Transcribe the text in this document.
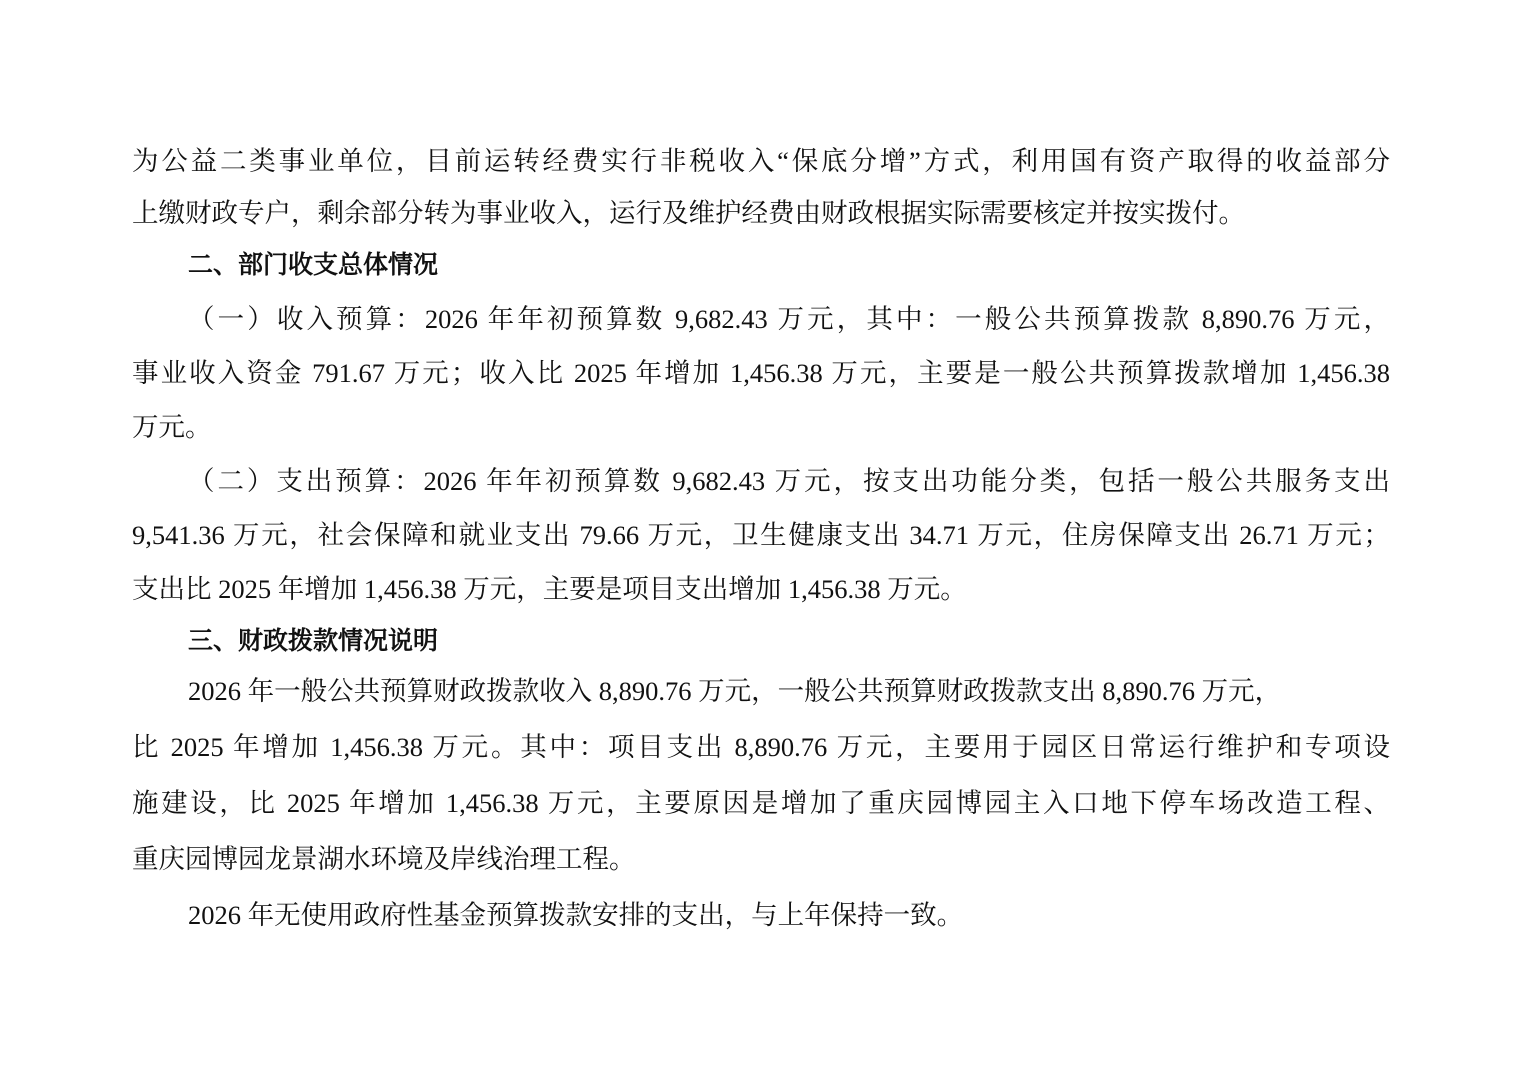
为公益二类事业单位，目前运转经费实行非税收入“保底分增”方式，利用国有资产取得的收益部分
上缴财政专户，剩余部分转为事业收入，运行及维护经费由财政根据实际需要核定并按实拨付。
二、部门收支总体情况
（一）收入预算：2026 年年初预算数 9,682.43 万元，其中：一般公共预算拨款 8,890.76 万元，
事业收入资金 791.67 万元；收入比 2025 年增加 1,456.38 万元，主要是一般公共预算拨款增加 1,456.38
万元。
（二）支出预算：2026 年年初预算数 9,682.43 万元，按支出功能分类，包括一般公共服务支出
9,541.36 万元，社会保障和就业支出 79.66 万元，卫生健康支出 34.71 万元，住房保障支出 26.71 万元；
支出比 2025 年增加 1,456.38 万元，主要是项目支出增加 1,456.38 万元。
三、财政拨款情况说明
2026 年一般公共预算财政拨款收入 8,890.76 万元，一般公共预算财政拨款支出 8,890.76 万元，
比 2025 年增加 1,456.38 万元。其中：项目支出 8,890.76 万元，主要用于园区日常运行维护和专项设
施建设，比 2025 年增加 1,456.38 万元，主要原因是增加了重庆园博园主入口地下停车场改造工程、
重庆园博园龙景湖水环境及岸线治理工程。
2026 年无使用政府性基金预算拨款安排的支出，与上年保持一致。
